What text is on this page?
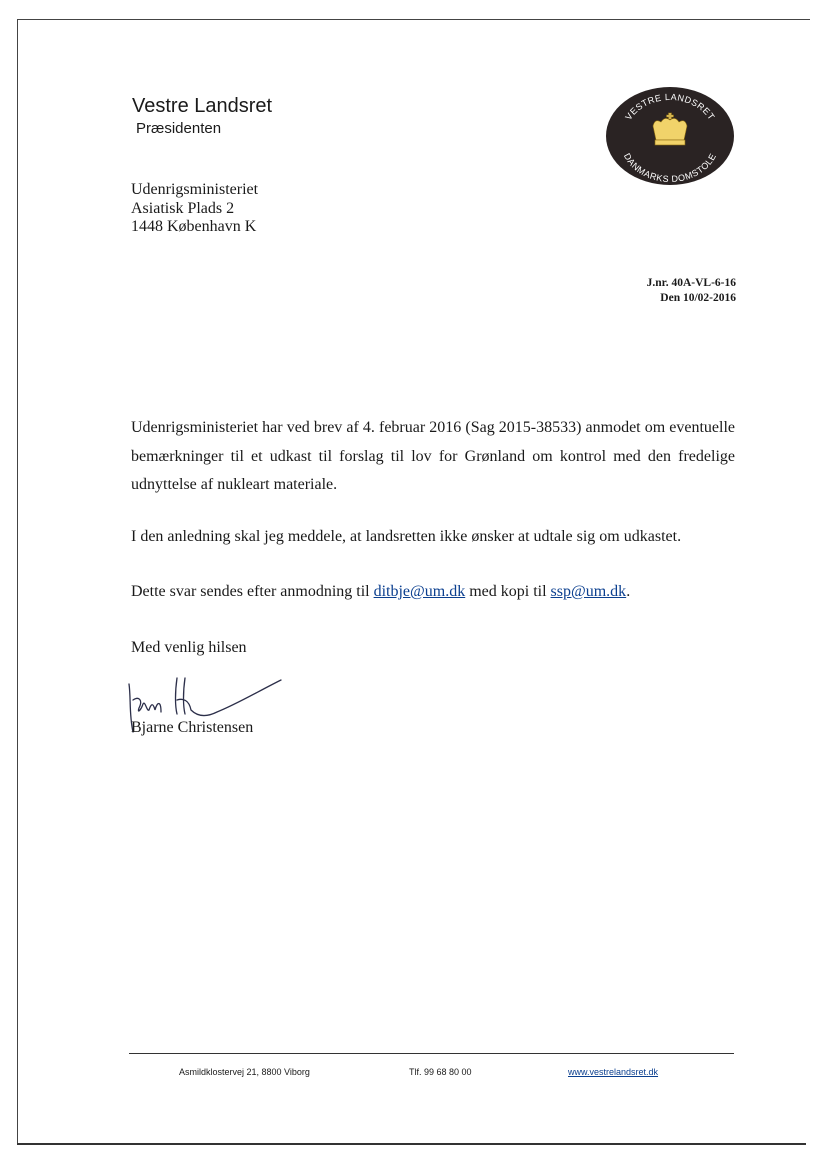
Vestre Landsret
Præsidenten
VESTRE LANDSRET
DANMARKS DOMSTOLE
Udenrigsministeriet
Asiatisk Plads 2
1448 København K
J.nr. 40A-VL-6-16
Den 10/02-2016
Udenrigsministeriet har ved brev af 4. februar 2016 (Sag 2015-38533) anmodet om eventuelle bemærkninger til et udkast til forslag til lov for Grønland om kontrol med den fredelige udnyttelse af nukleart materiale.
I den anledning skal jeg meddele, at landsretten ikke ønsker at udtale sig om udkastet.
Dette svar sendes efter anmodning til ditbje@um.dk med kopi til ssp@um.dk.
Med venlig hilsen
Bjarne Christensen
Asmildklostervej 21, 8800 Viborg	Tlf. 99 68 80 00	www.vestrelandsret.dk
